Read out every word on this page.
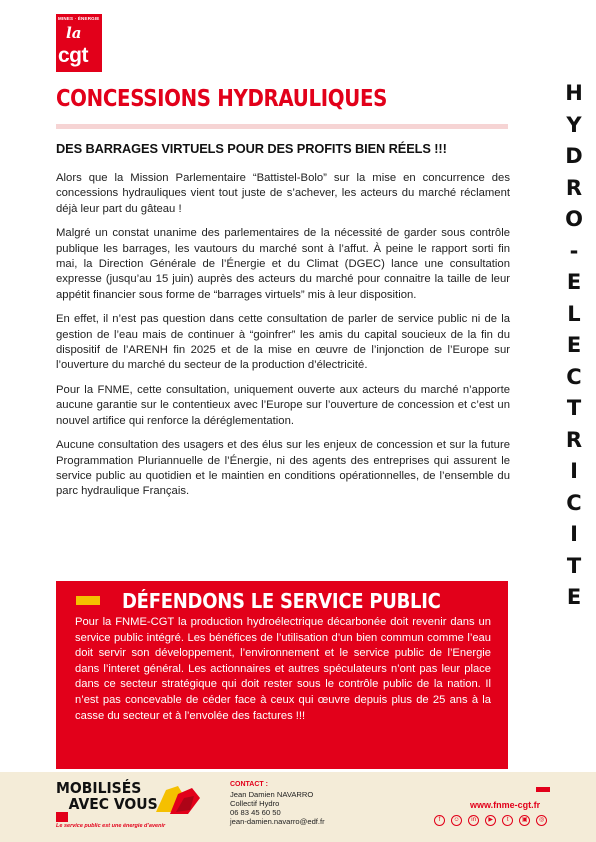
MINES · ÉNERGIE
la
cgt
H
Y
D
R
O
-
E
L
E
C
T
R
I
C
I
T
E
CONCESSIONS HYDRAULIQUES
DES BARRAGES VIRTUELS POUR DES PROFITS BIEN RÉELS !!!

Alors que la Mission Parlementaire “Battistel-Bolo” sur la mise en concurrence des concessions hydrauliques vient tout juste de s’achever, les acteurs du marché réclament déjà leur part du gâteau !

Malgré un constat unanime des parlementaires de la nécessité de garder sous contrôle publique les barrages, les vautours du marché sont à l’affut. À peine le rapport sorti fin mai, la Direction Générale de l’Énergie et du Climat (DGEC) lance une consultation expresse (jusqu’au 15 juin) auprès des acteurs du marché pour connaitre la taille de leur appétit financier sous forme de “barrages virtuels” mis à leur disposition.

En effet, il n’est pas question dans cette consultation de parler de service public ni de la gestion de l’eau mais de continuer à “goinfrer” les amis du capital soucieux de la fin du dispositif de l’ARENH fin 2025 et de la mise en œuvre de l’injonction de l’Europe sur l’ouverture du marché du secteur de la production d’électricité.

Pour la FNME, cette consultation, uniquement ouverte aux acteurs du marché n’apporte aucune garantie sur le contentieux avec l’Europe sur l’ouverture de concession et c’est un nouvel artifice qui renforce la déréglementation.

Aucune consultation des usagers et des élus sur les enjeux de concession et sur la future Programmation Pluriannuelle de l’Énergie, ni des agents des entreprises qui assurent le service public au quotidien et le maintien en conditions opérationnelles, de l’ensemble du parc hydraulique Français.

DÉFENDONS LE SERVICE PUBLIC
Pour la FNME-CGT la production hydroélectrique décarbonée doit revenir dans un service public intégré. Les bénéfices de l’utilisation d’un bien commun comme l’eau doit servir son développement, l’environnement et le service public de l’Energie dans l’interet général. Les actionnaires et autres spéculateurs n’ont pas leur place dans ce secteur stratégique qui doit rester sous le contrôle public de la nation. Il n’est pas concevable de céder face à ceux qui œuvre depuis plus de 25 ans à la casse du secteur et à l’envolée des factures !!!
MOBILISÉS
AVEC VOUS
Le service public est une énergie d’avenir
CONTACT :
Jean Damien NAVARRO
Collectif Hydro
06 83 45 60 50
jean-damien.navarro@edf.fr
www.fnme-cgt.fr
f ☺ in ▶ t ▣ ◎
